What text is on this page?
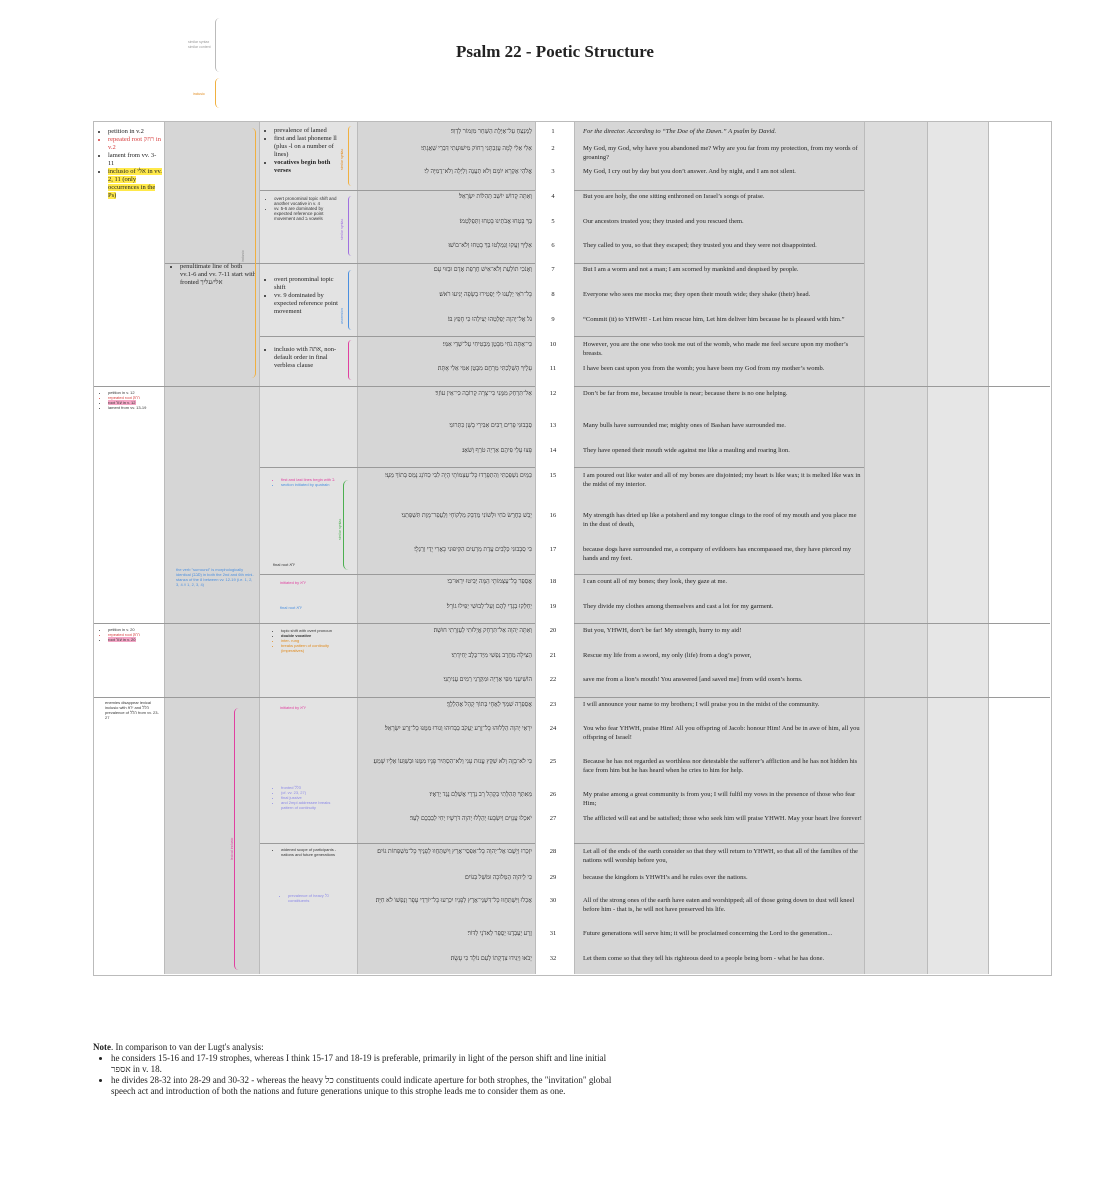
Psalm 22 - Poetic Structure
similar syntax
similar content
inclusio
• petition in v.2
• repeated root רחק in v.2
• lament from vv. 3-11
• inclusio of אלי in vv. 2, 11 (only occurrences in the Ps)
• petition in v. 12
• repeated root רחק
• root עזר in v. 12
• lament from vv. 13-19
• petition in v. 20
• repeated root רחק
• root עזר in v. 20
enemies disappear lexical inclusio with ירא and הלל prevalence of הלל from vv. 23-27
• penultimate line of both vv.1-6 and vv. 7-11 start with fronted אלי/עליך
the verb "surround" is morphologically identical (סבב) in both the 2nd and 6th mini-stanza of the 8 between vv. 12-19 (i.e. 1, 2, 3, 4 // 1, 2, 3, 4)
inclusio
• prevalence of lamed
• first and last phoneme ll (plus -l on a number of lines)
• vocatives begin both verses
• overt pronominal topic shift and another vocative in v. 4
• vv. 5-6 are dominated by expected reference point movement and ב vowels
• overt pronominal topic shift
• vv. 9 dominated by expected reference point movement
• inclusio with אתה, non-default order in final verbless clause
• first and last lines begin with ב
• section initiated by quatrain
final root ירא
initiated by ירא
final root ירא
• topic shift with overt pronoun
• double vocative
• inter- rung
• breaks pattern of continuity (imperatives)
initiated by ירא
• fronted הלל
• (cf. vv. 23, 27)
• final jussive
• and 2mpl addressee breaks pattern of continuity
• widened scope of participants - nations and future generations
• prevalence of heavy כל constituents
similar syntax
similar syntax
ascension
similar syntax
lexical inclusio
לַמְנַצֵּחַ עַל־אַיֶּלֶת הַשַּׁחַר מִזְמוֹר לְדָוִד׃	1	For the director. According to “The Doe of the Dawn.” A psalm by David.
אֵלִי אֵלִי לָמָה עֲזַבְתָּנִי רָחוֹק מִישׁוּעָתִי דִּבְרֵי שַׁאֲגָתִי׃	2	My God, my God, why have you abandoned me? Why are you far from my protection, from my words of groaning?
אֱלֹהַי אֶקְרָא יוֹמָם וְלֹא תַעֲנֶה וְלַיְלָה וְלֹא־דֻמִיָּה לִי׃	3	My God, I cry out by day but you don’t answer. And by night, and I am not silent.
וְאַתָּה קָדוֹשׁ יוֹשֵׁב תְּהִלּוֹת יִשְׂרָאֵל׃	4	But you are holy, the one sitting enthroned on Israel’s songs of praise.
בְּךָ בָּטְחוּ אֲבֹתֵינוּ בָּטְחוּ וַתְּפַלְּטֵמוֹ׃	5	Our ancestors trusted you; they trusted and you rescued them.
אֵלֶיךָ זָעֲקוּ וְנִמְלָטוּ בְּךָ בָטְחוּ וְלֹא־בוֹשׁוּ׃	6	They called to you, so that they escaped; they trusted you and they were not disappointed.
וְאָנֹכִי תוֹלַעַת וְלֹא־אִישׁ חֶרְפַּת אָדָם וּבְזוּי עָם׃	7	But I am a worm and not a man; I am scorned by mankind and despised by people.
כָּל־רֹאַי יַלְעִגוּ לִי יַפְטִירוּ בְשָׂפָה יָנִיעוּ רֹאשׁ׃	8	Everyone who sees me mocks me; they open their mouth wide; they shake (their) head.
גֹּל אֶל־יְהוָה יְפַלְּטֵהוּ יַצִּילֵהוּ כִּי חָפֵץ בּוֹ׃	9	“Commit (it) to YHWH! - Let him rescue him, Let him deliver him because he is pleased with him.”
כִּי־אַתָּה גֹחִי מִבָּטֶן מַבְטִיחִי עַל־שְׁדֵי אִמִּי׃	10	However, you are the one who took me out of the womb, who made me feel secure upon my mother’s breasts.
עָלֶיךָ הָשְׁלַכְתִּי מֵרָחֶם מִבֶּטֶן אִמִּי אֵלִי אָתָּה׃	11	I have been cast upon you from the womb; you have been my God from my mother’s womb.
אַל־תִּרְחַק מִמֶּנִּי כִּי־צָרָה קְרוֹבָה כִּי־אֵין עוֹזֵר׃	12	Don’t be far from me, because trouble is near; because there is no one helping.
סְבָבוּנִי פָּרִים רַבִּים אַבִּירֵי בָשָׁן כִּתְּרוּנִי׃	13	Many bulls have surrounded me; mighty ones of Bashan have surrounded me.
פָּצוּ עָלַי פִּיהֶם אַרְיֵה טֹרֵף וְשֹׁאֵג׃	14	They have opened their mouth wide against me like a mauling and roaring lion.
כַּמַּיִם נִשְׁפַּכְתִּי וְהִתְפָּרְדוּ כָּל־עַצְמוֹתָי הָיָה לִבִּי כַּדּוֹנָג נָמֵס בְּתוֹךְ מֵעָי׃	15	I am poured out like water and all of my bones are disjointed; my heart is like wax; it is melted like wax in the midst of my interior.
יָבֵשׁ כַּחֶרֶשׂ כֹּחִי וּלְשׁוֹנִי מֻדְבָּק מַלְקוֹחָי וְלַעֲפַר־מָוֶת תִּשְׁפְּתֵנִי׃	16	My strength has dried up like a potsherd and my tongue clings to the roof of my mouth and you place me in the dust of death,
כִּי סְבָבוּנִי כְּלָבִים עֲדַת מְרֵעִים הִקִּיפוּנִי כָּאֲרִי יָדַי וְרַגְלָי׃	17	because dogs have surrounded me, a company of evildoers has encompassed me, they have pierced my hands and my feet.
אֲסַפֵּר כָּל־עַצְמוֹתָי הֵמָּה יַבִּיטוּ יִרְאוּ־בִי׃	18	I can count all of my bones; they look, they gaze at me.
יְחַלְּקוּ בְגָדַי לָהֶם וְעַל־לְבוּשִׁי יַפִּילוּ גוֹרָל׃	19	They divide my clothes among themselves and cast a lot for my garment.
וְאַתָּה יְהוָה אַל־תִּרְחָק אֱיָלוּתִי לְעֶזְרָתִי חוּשָׁה׃	20	But you, YHWH, don’t be far! My strength, hurry to my aid!
הַצִּילָה מֵחֶרֶב נַפְשִׁי מִיַּד־כֶּלֶב יְחִידָתִי׃	21	Rescue my life from a sword, my only (life) from a dog’s power,
הוֹשִׁיעֵנִי מִפִּי אַרְיֵה וּמִקַּרְנֵי רֵמִים עֲנִיתָנִי׃	22	save me from a lion’s mouth! You answered [and saved me] from wild oxen’s horns.
אֲסַפְּרָה שִׁמְךָ לְאֶחָי בְּתוֹךְ קָהָל אֲהַלְלֶךָּ׃	23	I will announce your name to my brothers; I will praise you in the midst of the community.
יִרְאֵי יְהוָה הַלְלוּהוּ כָּל־זֶרַע יַעֲקֹב כַּבְּדוּהוּ וְגוּרוּ מִמֶּנּוּ כָּל־זֶרַע יִשְׂרָאֵל׃	24	You who fear YHWH, praise Him! All you offspring of Jacob: honour Him! And be in awe of him, all you offspring of Israel!
כִּי לֹא־בָזָה וְלֹא שִׁקַּץ עֱנוּת עָנִי וְלֹא־הִסְתִּיר פָּנָיו מִמֶּנּוּ וּבְשַׁוְּעוֹ אֵלָיו שָׁמֵעַ׃	25	Because he has not regarded as worthless nor detestable the sufferer’s affliction and he has not hidden his face from him but he has heard when he cries to him for help.
מֵאִתְּךָ תְּהִלָּתִי בְּקָהָל רָב נְדָרַי אֲשַׁלֵּם נֶגֶד יְרֵאָיו׃	26	My praise among a great community is from you; I will fulfil my vows in the presence of those who fear Him;
יֹאכְלוּ עֲנָוִים וְיִשְׂבָּעוּ יְהַלְלוּ יְהוָה דֹּרְשָׁיו יְחִי לְבַבְכֶם לָעַד׃	27	The afflicted will eat and be satisfied; those who seek him will praise YHWH. May your heart live forever!
יִזְכְּרוּ וְיָשֻׁבוּ אֶל־יְהוָה כָּל־אַפְסֵי־אָרֶץ וְיִשְׁתַּחֲווּ לְפָנֶיךָ כָּל־מִשְׁפְּחוֹת גּוֹיִם׃	28	Let all of the ends of the earth consider so that they will return to YHWH, so that all of the families of the nations will worship before you,
כִּי לַיהוָה הַמְּלוּכָה וּמֹשֵׁל בַּגּוֹיִם׃	29	because the kingdom is YHWH’s and he rules over the nations.
אָכְלוּ וַיִּשְׁתַּחֲווּ כָּל־דִּשְׁנֵי־אֶרֶץ לְפָנָיו יִכְרְעוּ כָּל־יוֹרְדֵי עָפָר וְנַפְשׁוֹ לֹא חִיָּה׃	30	All of the strong ones of the earth have eaten and worshipped; all of those going down to dust will kneel before him - that is, he will not have preserved his life.
זֶרַע יַעַבְדֶנּוּ יְסֻפַּר לַאדֹנָי לַדּוֹר׃	31	Future generations will serve him; it will be proclaimed concerning the Lord to the generation...
יָבֹאוּ וְיַגִּידוּ צִדְקָתוֹ לְעַם נוֹלָד כִּי עָשָׂה׃	32	Let them come so that they tell his righteous deed to a people being born - what he has done.
Note. In comparison to van der Lugt's analysis:
• he considers 15-16 and 17-19 strophes, whereas I think 15-17 and 18-19 is preferable, primarily in light of the person shift and line initial אספר in v. 18.
• he divides 28-32 into 28-29 and 30-32 - whereas the heavy כל constituents could indicate aperture for both strophes, the "invitation" global speech act and introduction of both the nations and future generations unique to this strophe leads me to consider them as one.
